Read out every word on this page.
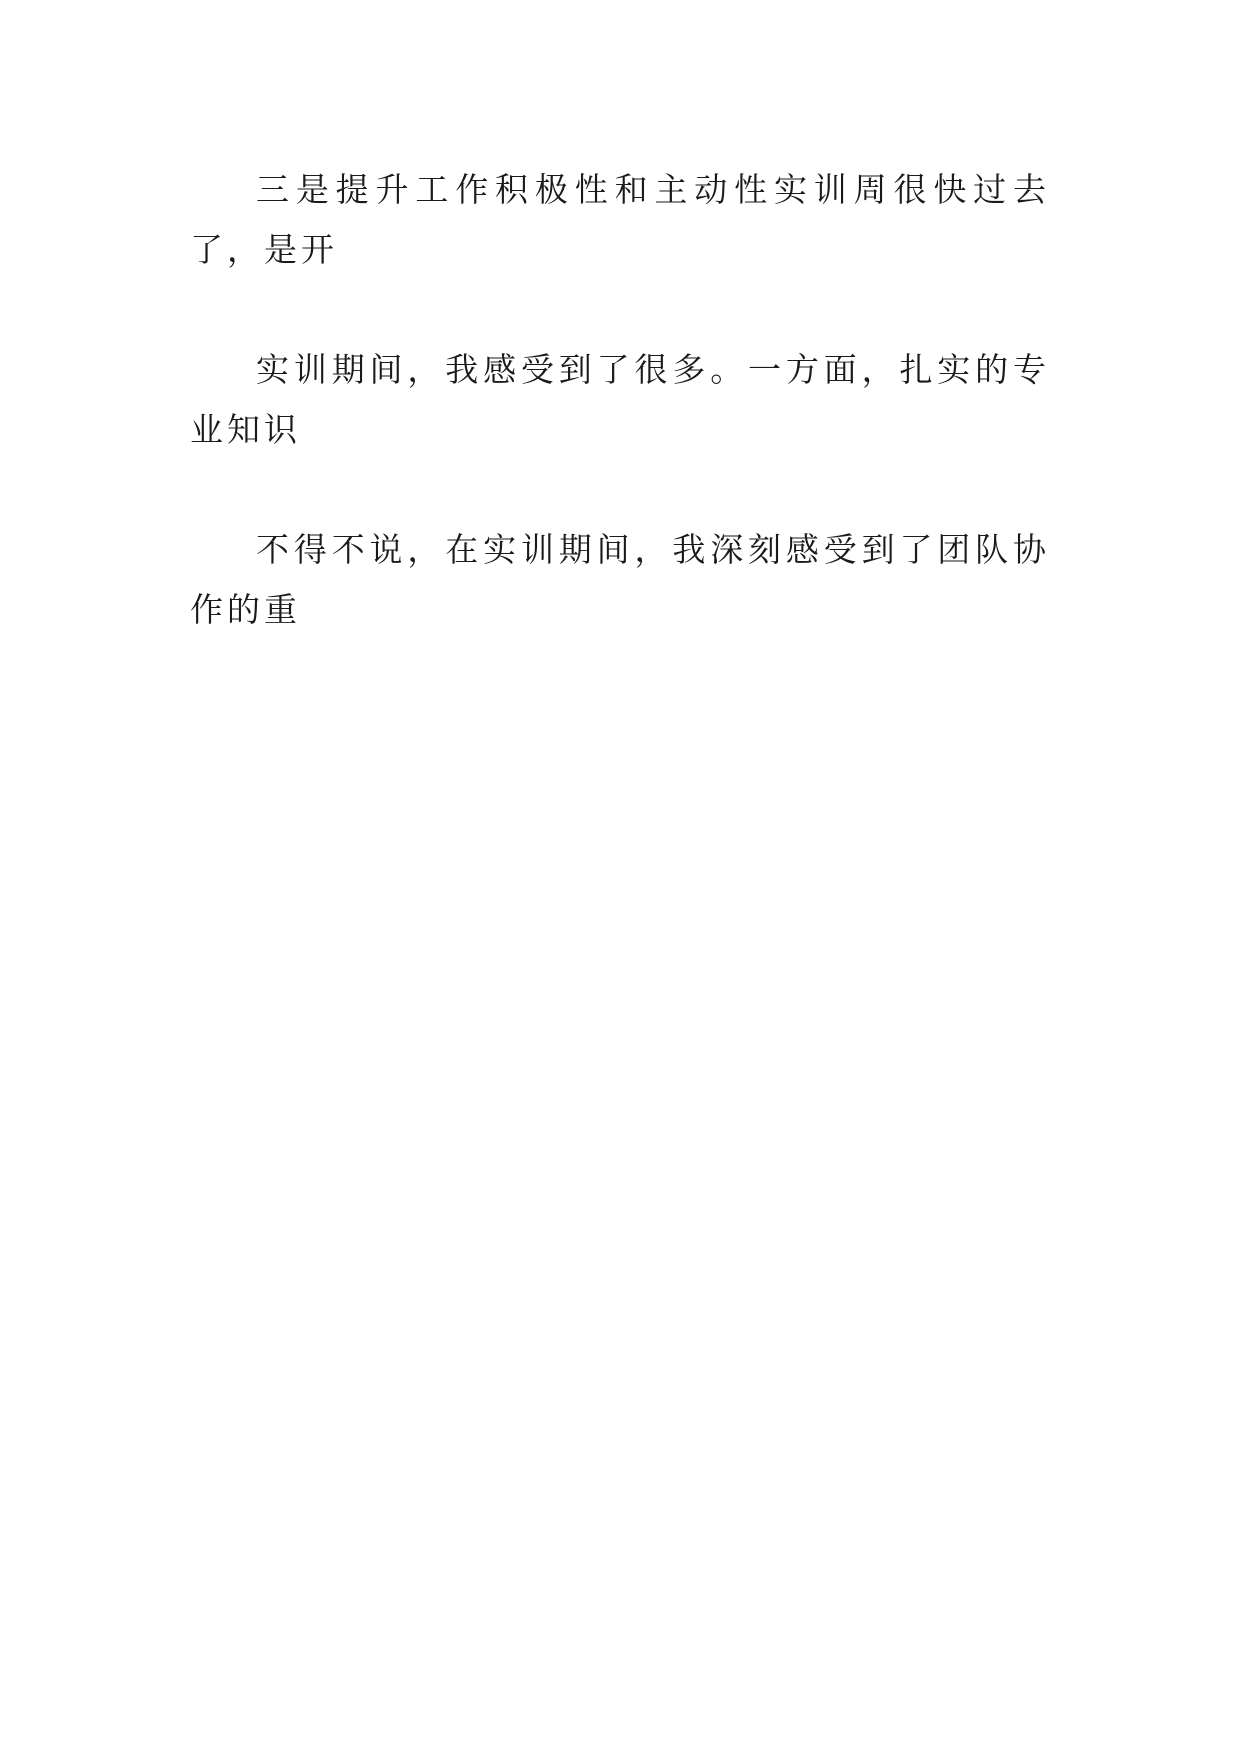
三是提升工作积极性和主动性实训周很快过去了，是开

实训期间，我感受到了很多。一方面，扎实的专业知识

不得不说，在实训期间，我深刻感受到了团队协作的重
